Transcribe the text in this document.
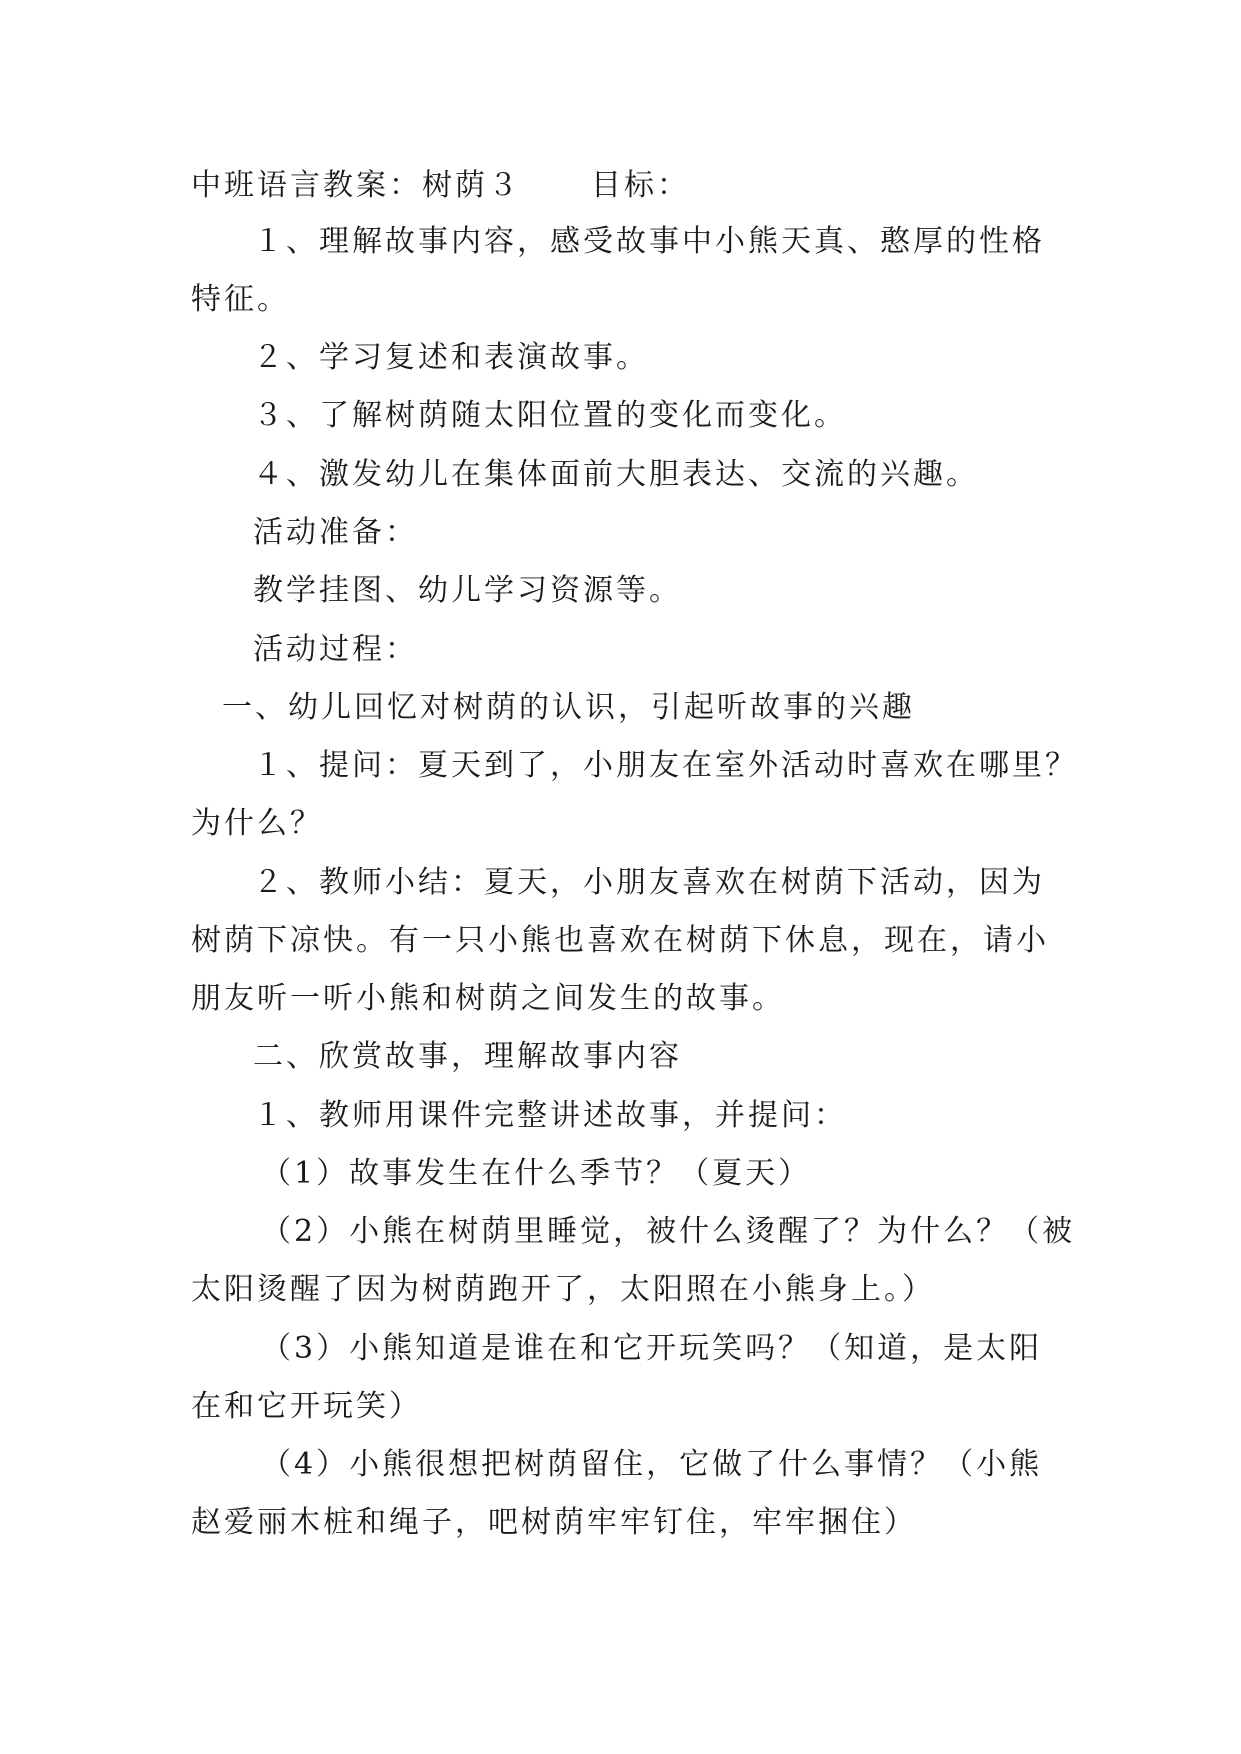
中班语言教案：树荫３ 目标：
１、理解故事内容，感受故事中小熊天真、憨厚的性格
特征。
２、学习复述和表演故事。
３、了解树荫随太阳位置的变化而变化。
４、激发幼儿在集体面前大胆表达、交流的兴趣。
活动准备：
教学挂图、幼儿学习资源等。
活动过程：
一、幼儿回忆对树荫的认识，引起听故事的兴趣
１、提问：夏天到了，小朋友在室外活动时喜欢在哪里？
为什么？
２、教师小结：夏天，小朋友喜欢在树荫下活动，因为
树荫下凉快。有一只小熊也喜欢在树荫下休息，现在，请小
朋友听一听小熊和树荫之间发生的故事。
二、欣赏故事，理解故事内容
１、教师用课件完整讲述故事，并提问：
（1）故事发生在什么季节？（夏天）
（2）小熊在树荫里睡觉，被什么烫醒了？为什么？（被
太阳烫醒了因为树荫跑开了，太阳照在小熊身上。）
（3）小熊知道是谁在和它开玩笑吗？（知道，是太阳
在和它开玩笑）
（4）小熊很想把树荫留住，它做了什么事情？（小熊
赵爱丽木桩和绳子，吧树荫牢牢钉住，牢牢捆住）
